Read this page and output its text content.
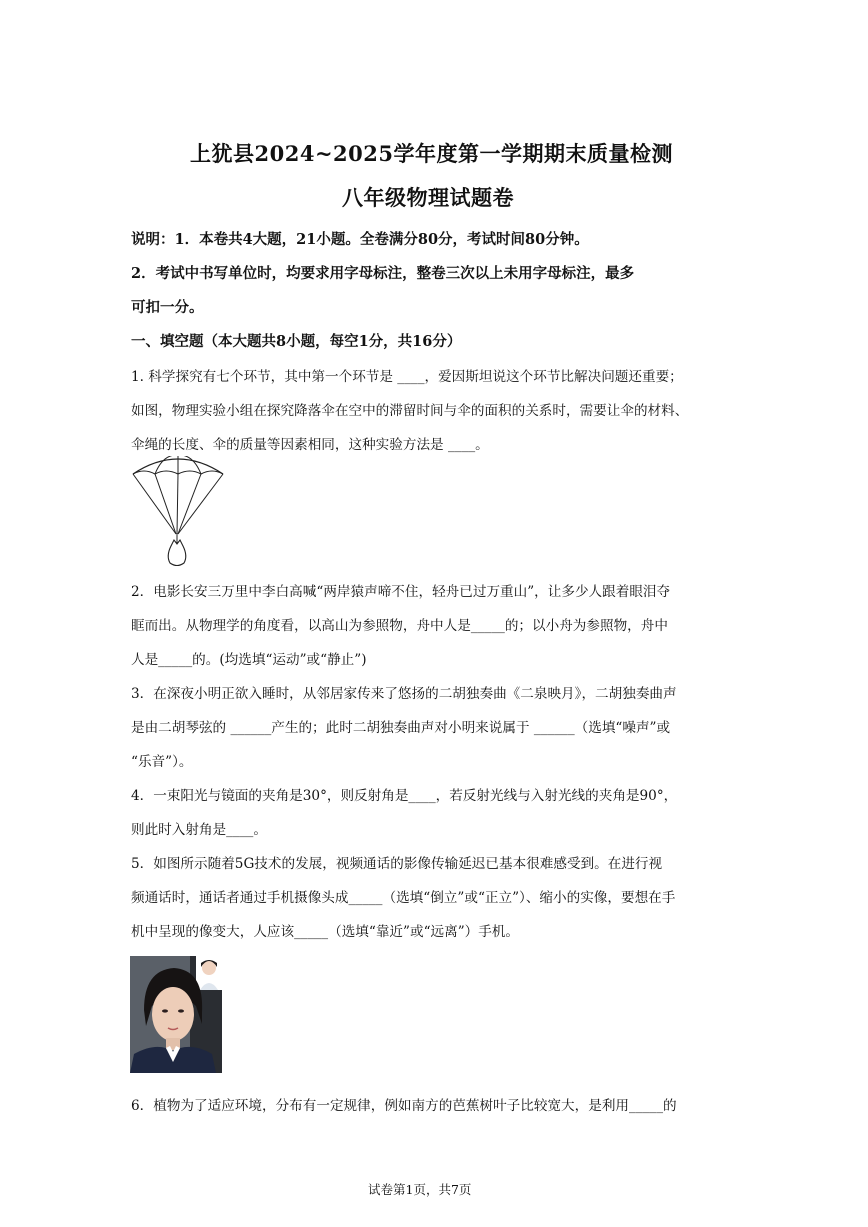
上犹县2024~2025学年度第一学期期末质量检测
八年级物理试题卷
说明：1．本卷共4大题，21小题。全卷满分80分，考试时间80分钟。
2．考试中书写单位时，均要求用字母标注，整卷三次以上未用字母标注，最多
可扣一分。
一、填空题（本大题共8小题，每空1分，共16分）
1. 科学探究有七个环节，其中第一个环节是 ____，爱因斯坦说这个环节比解决问题还重要；
如图，物理实验小组在探究降落伞在空中的滞留时间与伞的面积的关系时，需要让伞的材料、
伞绳的长度、伞的质量等因素相同，这种实验方法是 ____。
2．电影长安三万里中李白高喊“两岸猿声啼不住，轻舟已过万重山”，让多少人跟着眼泪夺
眶而出。从物理学的角度看，以高山为参照物，舟中人是_____的；以小舟为参照物，舟中
人是_____的。(均选填“运动”或“静止”)
3．在深夜小明正欲入睡时，从邻居家传来了悠扬的二胡独奏曲《二泉映月》，二胡独奏曲声
是由二胡琴弦的 ______产生的；此时二胡独奏曲声对小明来说属于 ______（选填“噪声”或
“乐音”）。
4．一束阳光与镜面的夹角是30°，则反射角是____，若反射光线与入射光线的夹角是90°，
则此时入射角是____。
5．如图所示随着5G技术的发展，视频通话的影像传输延迟已基本很难感受到。在进行视
频通话时，通话者通过手机摄像头成_____（选填“倒立”或“正立”）、缩小的实像，要想在手
机中呈现的像变大，人应该_____（选填“靠近”或“远离”）手机。
6．植物为了适应环境，分布有一定规律，例如南方的芭蕉树叶子比较宽大，是利用_____的
试卷第1页，共7页
